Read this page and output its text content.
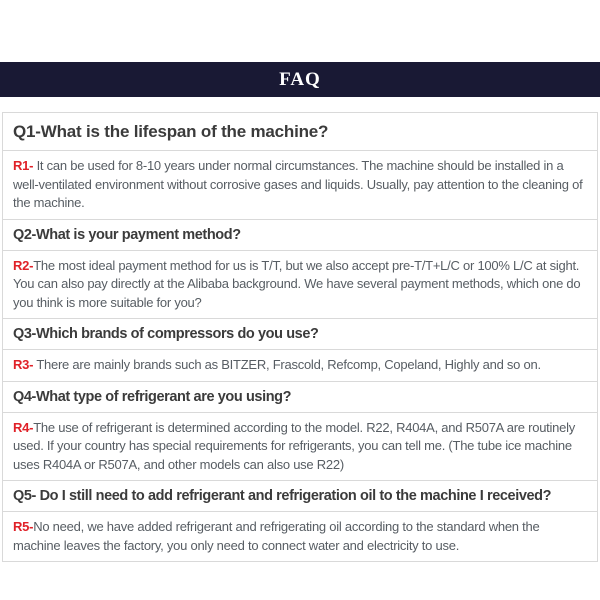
FAQ
Q1-What is the lifespan of the machine?
R1- It can be used for 8-10 years under normal circumstances. The machine should be installed in a well-ventilated environment without corrosive gases and liquids. Usually, pay attention to the cleaning of the machine.
Q2-What is your payment method?
R2-The most ideal payment method for us is T/T, but we also accept pre-T/T+L/C or 100% L/C at sight. You can also pay directly at the Alibaba background. We have several payment methods, which one do you think is more suitable for you?
Q3-Which brands of compressors do you use?
R3- There are mainly brands such as BITZER, Frascold, Refcomp, Copeland, Highly and so on.
Q4-What type of refrigerant are you using?
R4-The use of refrigerant is determined according to the model. R22, R404A, and R507A are routinely used. If your country has special requirements for refrigerants, you can tell me. (The tube ice machine uses R404A or R507A, and other models can also use R22)
Q5- Do I still need to add refrigerant and refrigeration oil to the machine I received?
R5-No need, we have added refrigerant and refrigerating oil according to the standard when the machine leaves the factory, you only need to connect water and electricity to use.
